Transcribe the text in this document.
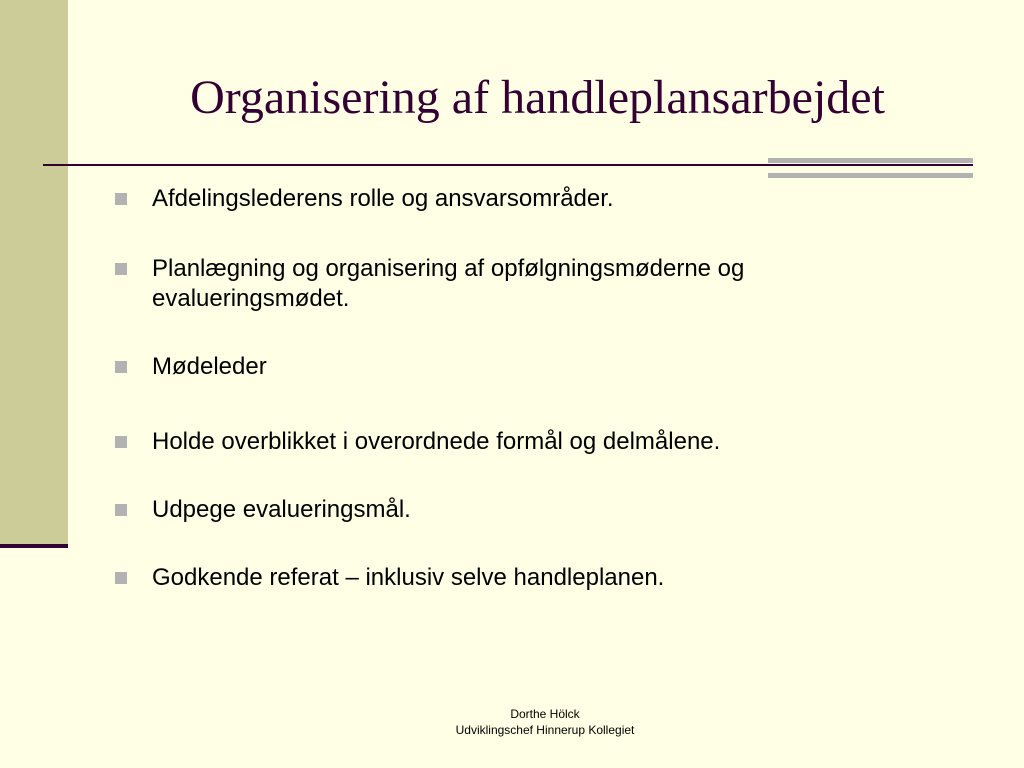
Organisering af handleplansarbejdet
Afdelingslederens rolle og ansvarsområder.
Planlægning og organisering af opfølgningsmøderne og evalueringsmødet.
Mødeleder
Holde overblikket i overordnede formål og delmålene.
Udpege evalueringsmål.
Godkende referat – inklusiv selve handleplanen.
Dorthe Hölck
Udviklingschef Hinnerup Kollegiet
